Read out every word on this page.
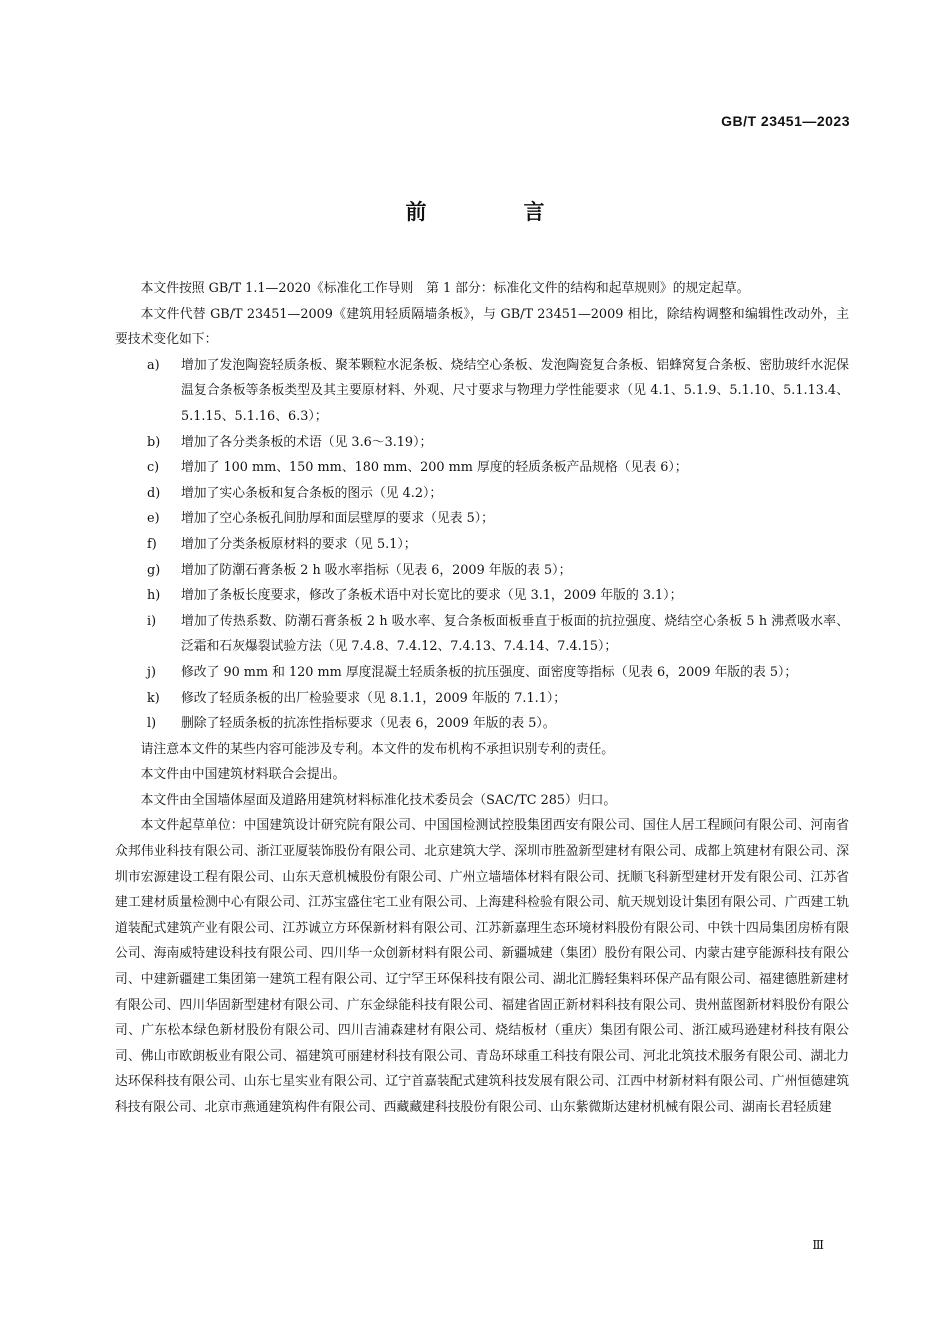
GB/T 23451—2023
前　言

本文件按照 GB/T 1.1—2020《标准化工作导则　第 1 部分：标准化文件的结构和起草规则》的规定起草。

本文件代替 GB/T 23451—2009《建筑用轻质隔墙条板》，与 GB/T 23451—2009 相比，除结构调整和编辑性改动外，主要技术变化如下：

a)	增加了发泡陶瓷轻质条板、聚苯颗粒水泥条板、烧结空心条板、发泡陶瓷复合条板、铝蜂窝复合条板、密肋玻纤水泥保温复合条板等条板类型及其主要原材料、外观、尺寸要求与物理力学性能要求（见 4.1、5.1.9、5.1.10、5.1.13.4、5.1.15、5.1.16、6.3）；
b)	增加了各分类条板的术语（见 3.6～3.19）；
c)	增加了 100 mm、150 mm、180 mm、200 mm 厚度的轻质条板产品规格（见表 6）；
d)	增加了实心条板和复合条板的图示（见 4.2）；
e)	增加了空心条板孔间肋厚和面层壁厚的要求（见表 5）；
f)	增加了分类条板原材料的要求（见 5.1）；
g)	增加了防潮石膏条板 2 h 吸水率指标（见表 6，2009 年版的表 5）；
h)	增加了条板长度要求，修改了条板术语中对长宽比的要求（见 3.1，2009 年版的 3.1）；
i)	增加了传热系数、防潮石膏条板 2 h 吸水率、复合条板面板垂直于板面的抗拉强度、烧结空心条板 5 h 沸煮吸水率、泛霜和石灰爆裂试验方法（见 7.4.8、7.4.12、7.4.13、7.4.14、7.4.15）；
j)	修改了 90 mm 和 120 mm 厚度混凝土轻质条板的抗压强度、面密度等指标（见表 6，2009 年版的表 5）；
k)	修改了轻质条板的出厂检验要求（见 8.1.1，2009 年版的 7.1.1）；
l)	删除了轻质条板的抗冻性指标要求（见表 6，2009 年版的表 5）。

请注意本文件的某些内容可能涉及专利。本文件的发布机构不承担识别专利的责任。

本文件由中国建筑材料联合会提出。

本文件由全国墙体屋面及道路用建筑材料标准化技术委员会（SAC/TC 285）归口。

本文件起草单位：中国建筑设计研究院有限公司、中国国检测试控股集团西安有限公司、国住人居工程顾问有限公司、河南省众邦伟业科技有限公司、浙江亚厦装饰股份有限公司、北京建筑大学、深圳市胜盈新型建材有限公司、成都上筑建材有限公司、深圳市宏源建设工程有限公司、山东天意机械股份有限公司、广州立墙墙体材料有限公司、抚顺飞科新型建材开发有限公司、江苏省建工建材质量检测中心有限公司、江苏宝盛住宅工业有限公司、上海建科检验有限公司、航天规划设计集团有限公司、广西建工轨道装配式建筑产业有限公司、江苏诚立方环保新材料有限公司、江苏新嘉理生态环境材料股份有限公司、中铁十四局集团房桥有限公司、海南威特建设科技有限公司、四川华一众创新材料有限公司、新疆城建（集团）股份有限公司、内蒙古建亨能源科技有限公司、中建新疆建工集团第一建筑工程有限公司、辽宁罕王环保科技有限公司、湖北汇腾轻集料环保产品有限公司、福建德胜新建材有限公司、四川华固新型建材有限公司、广东金绿能科技有限公司、福建省固正新材料科技有限公司、贵州蓝图新材料股份有限公司、广东松本绿色新材股份有限公司、四川吉浦森建材有限公司、烧结板材（重庆）集团有限公司、浙江威玛逊建材科技有限公司、佛山市欧朗板业有限公司、福建筑可丽建材科技有限公司、青岛环球重工科技有限公司、河北北筑技术服务有限公司、湖北力达环保科技有限公司、山东七星实业有限公司、辽宁首嘉装配式建筑科技发展有限公司、江西中材新材料有限公司、广州恒德建筑科技有限公司、北京市燕通建筑构件有限公司、西藏藏建科技股份有限公司、山东紫微斯达建材机械有限公司、湖南长君轻质建

Ⅲ
